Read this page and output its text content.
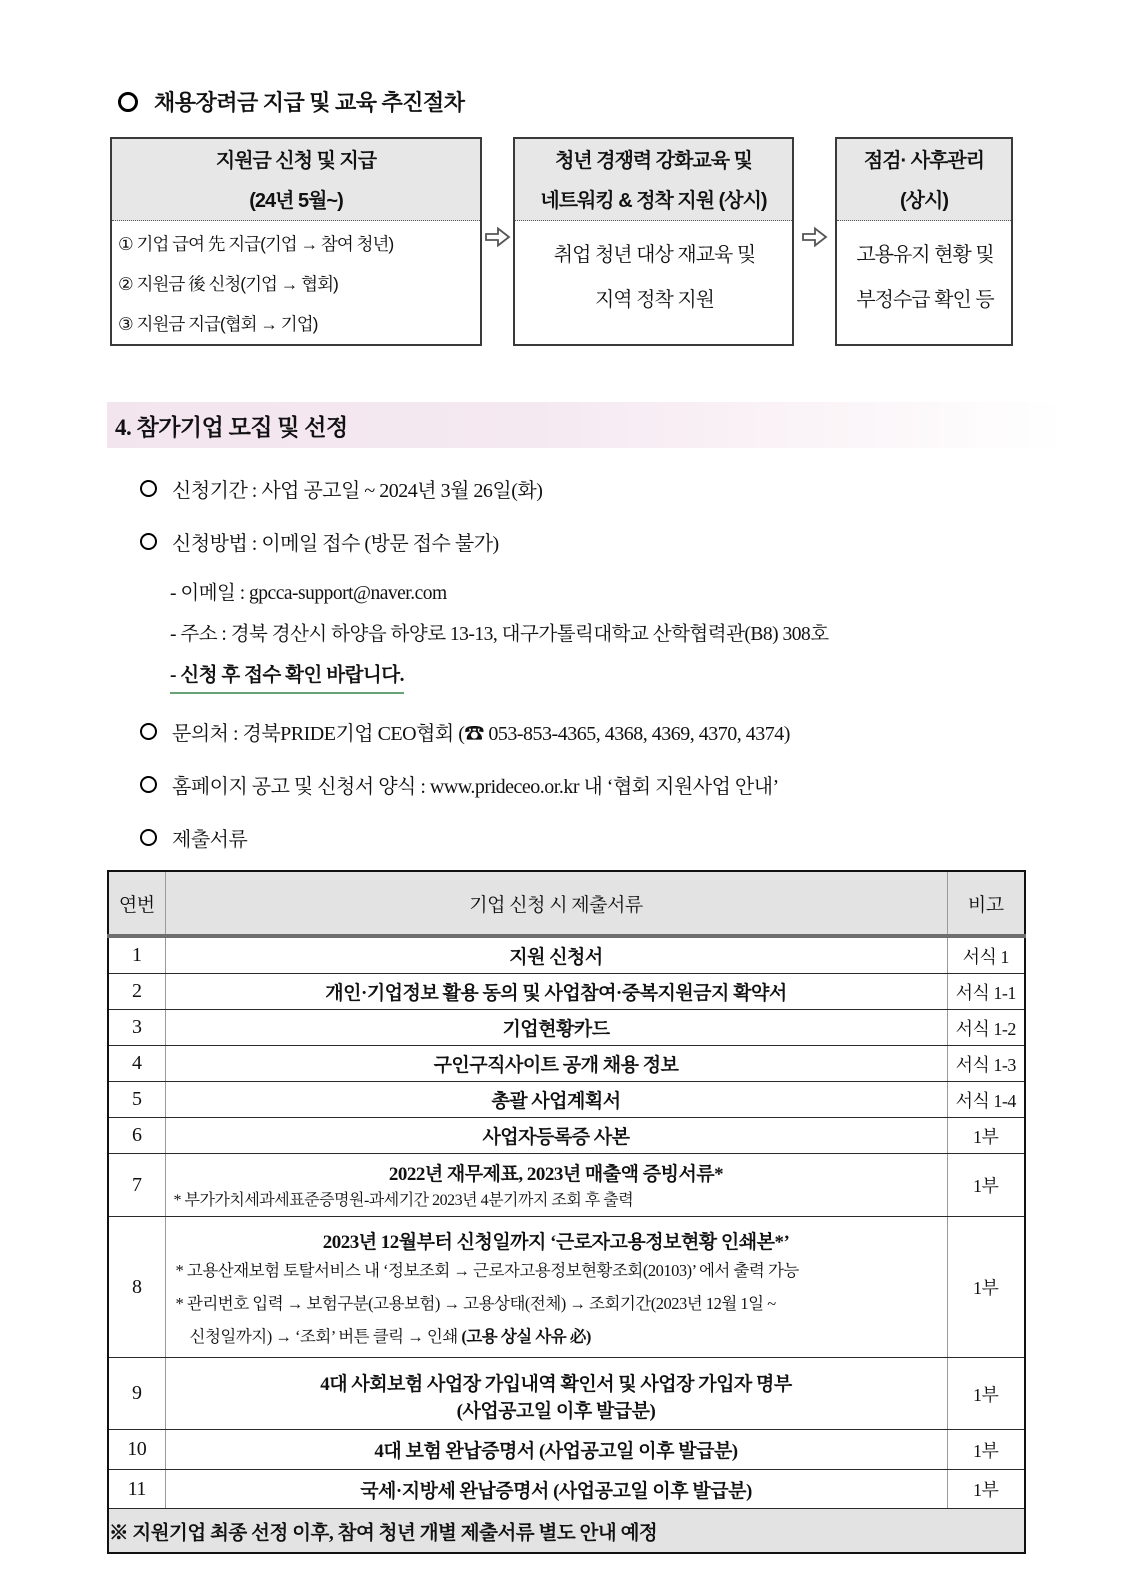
채용장려금 지급 및 교육 추진절차
지원금 신청 및 지급
(24년 5월~)
① 기업 급여 先 지급(기업 → 참여 청년)
② 지원금 後 신청(기업 → 협회)
③ 지원금 지급(협회 → 기업)
청년 경쟁력 강화교육 및
네트워킹 & 정착 지원 (상시)
취업 청년 대상 재교육 및
지역 정착 지원
점검· 사후관리
(상시)
고용유지 현황 및
부정수급 확인 등
4. 참가기업 모집 및 선정
신청기간 : 사업 공고일 ~ 2024년 3월 26일(화)
신청방법 : 이메일 접수 (방문 접수 불가)
- 이메일 : gpcca-support@naver.com
- 주소 : 경북 경산시 하양읍 하양로 13-13, 대구가톨릭대학교 산학협력관(B8) 308호
- 신청 후 접수 확인 바랍니다.
문의처 : 경북PRIDE기업 CEO협회 (☎ 053-853-4365, 4368, 4369, 4370, 4374)
홈페이지 공고 및 신청서 양식 : www.prideceo.or.kr 내 ‘협회 지원사업 안내’
제출서류
연번	기업 신청 시 제출서류	비고
1	지원 신청서	서식 1
2	개인·기업정보 활용 동의 및 사업참여·중복지원금지 확약서	서식 1-1
3	기업현황카드	서식 1-2
4	구인구직사이트 공개 채용 정보	서식 1-3
5	총괄 사업계획서	서식 1-4
6	사업자등록증 사본	1부
7	2022년 재무제표, 2023년 매출액 증빙서류*
* 부가가치세과세표준증명원-과세기간 2023년 4분기까지 조회 후 출력	1부
8	2023년 12월부터 신청일까지 ‘근로자고용정보현황 인쇄본*’
* 고용산재보험 토탈서비스 내 ‘정보조회 → 근로자고용정보현황조회(20103)’ 에서 출력 가능
* 관리번호 입력 → 보험구분(고용보험) → 고용상태(전체) → 조회기간(2023년 12월 1일 ~
신청일까지) → ‘조회’ 버튼 클릭 → 인쇄 (고용 상실 사유 必)	1부
9	4대 사회보험 사업장 가입내역 확인서 및 사업장 가입자 명부
(사업공고일 이후 발급분)	1부
10	4대 보험 완납증명서 (사업공고일 이후 발급분)	1부
11	국세·지방세 완납증명서 (사업공고일 이후 발급분)	1부
※ 지원기업 최종 선정 이후, 참여 청년 개별 제출서류 별도 안내 예정		
